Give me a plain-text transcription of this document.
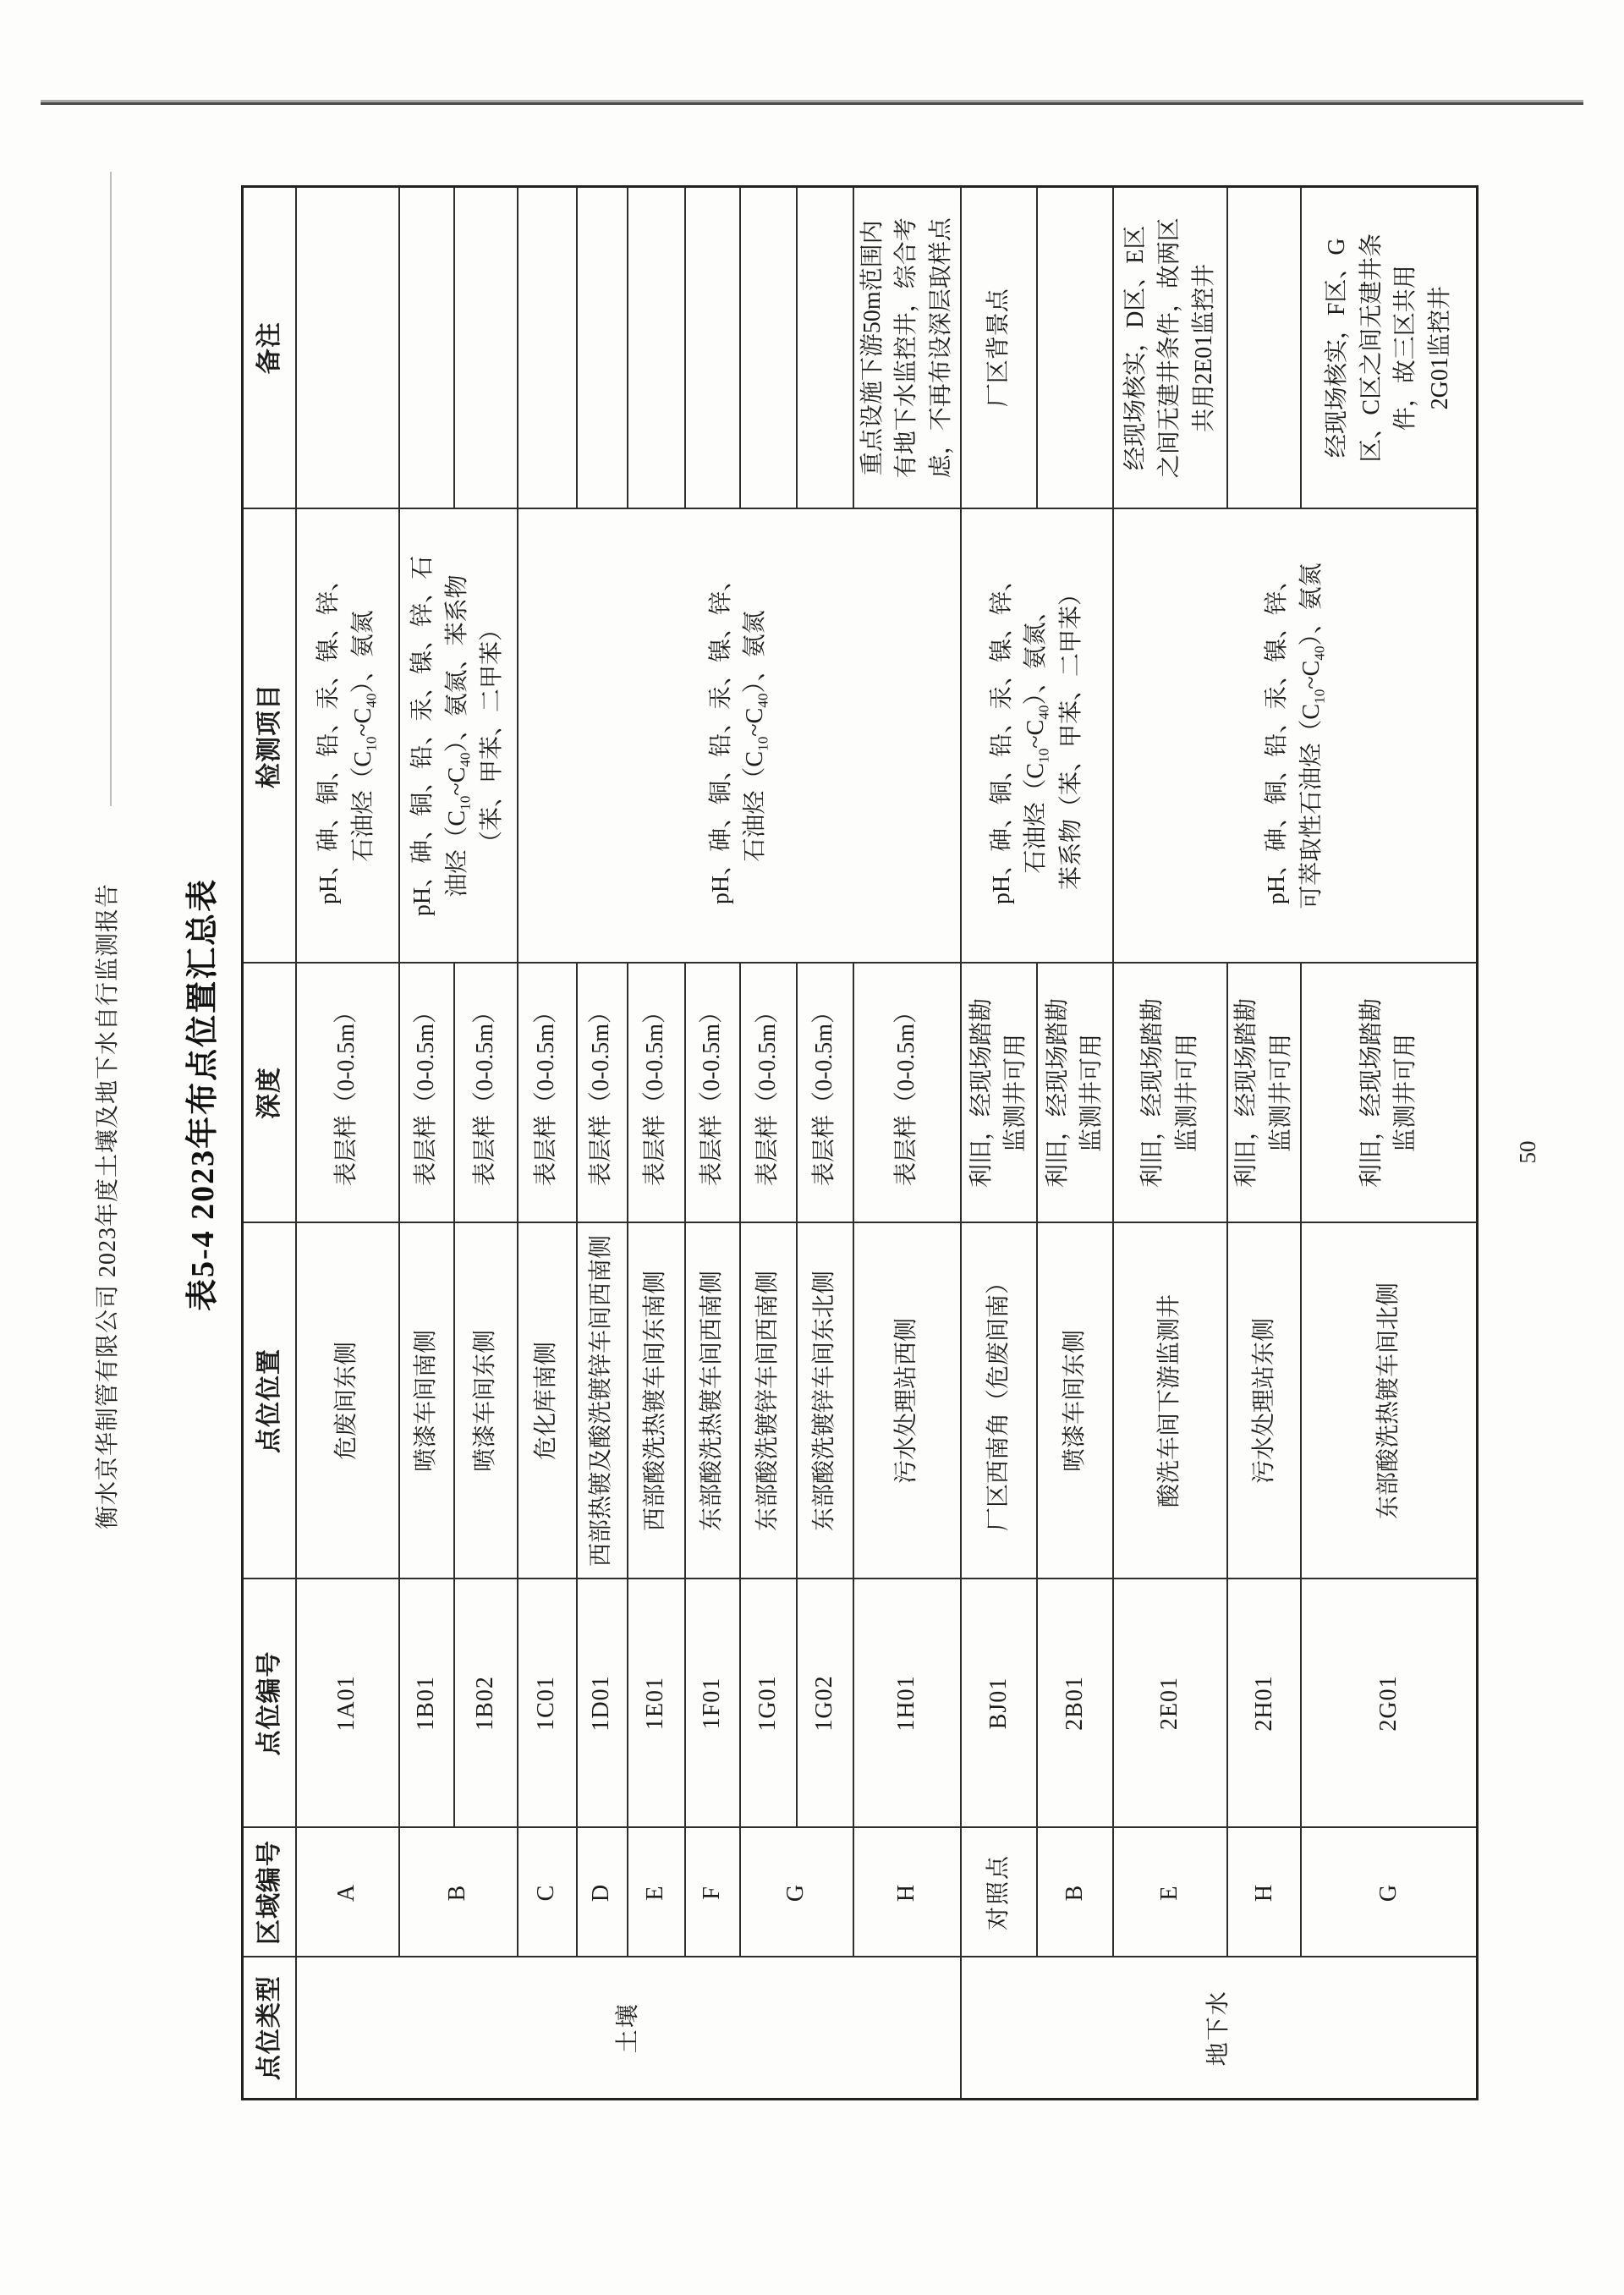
衡水京华制管有限公司 2023年度土壤及地下水自行监测报告 表5-4 2023年布点位置汇总表
点位类型	区域编号	点位编号	点位位置	深度	检测项目	备注
土壤	A	1A01	危废间东侧	表层样（0-0.5m）	pH、砷、铜、铅、汞、镍、锌、 石油烃$(C_{10}\sim C_{40})$、氨氮	
	B	1B01	喷漆车间南侧	表层样（0-0.5m）	pH、砷、铜、铅、汞、镍、锌、石 油烃$(C_{10}\sim C_{40})$、氨氮、苯系物 （苯、甲苯、二甲苯）	
		1B02	喷漆车间东侧	表层样（0-0.5m）		
	C	1C01	危化库南侧	表层样（0-0.5m）	pH、砷、铜、铅、汞、镍、锌、 石油烃$(C_{10}\sim C_{40})$、氨氮	
	D	1D01	西部热镀及酸洗镀锌车间西南侧	表层样（0-0.5m）		
	E	1E01	西部酸洗热镀车间东南侧	表层样（0-0.5m）		
	F	1F01	东部酸洗热镀车间西南侧	表层样（0-0.5m）		
	G	1G01	东部酸洗镀锌车间西南侧	表层样（0-0.5m）		
		1G02	东部酸洗镀锌车间东北侧	表层样（0-0.5m）		
	H	1H01	污水处理站西侧	表层样（0-0.5m）		重点设施下游50m范围内 有地下水监控井，综合考 虑，不再布设深层取样点
地下水	对照点	BJ01	厂区西南角（危废间南）	利旧，经现场踏勘 监测井可用	pH、砷、铜、铅、汞、镍、锌、 石油烃$(C_{10}\sim C_{40})$、氨氮、 苯系物（苯、甲苯、二甲苯）	厂区背景点
	B	2B01	喷漆车间东侧	利旧，经现场踏勘 监测井可用		
	E	2E01	酸洗车间下游监测井	利旧，经现场踏勘 监测井可用	pH、砷、铜、铅、汞、镍、锌、 可萃取性石油烃$(C_{10}\sim C_{40})$、氨氮	经现场核实，D区、E区 之间无建井条件，故两区 共用2E01监控井
	H	2H01	污水处理站东侧	利旧，经现场踏勘 监测井可用		
	G	2G01	东部酸洗热镀车间北侧	利旧，经现场踏勘 监测井可用		经现场核实，F区、G 区、C区之间无建井条 件，故三区共用 2G01监控井
50
